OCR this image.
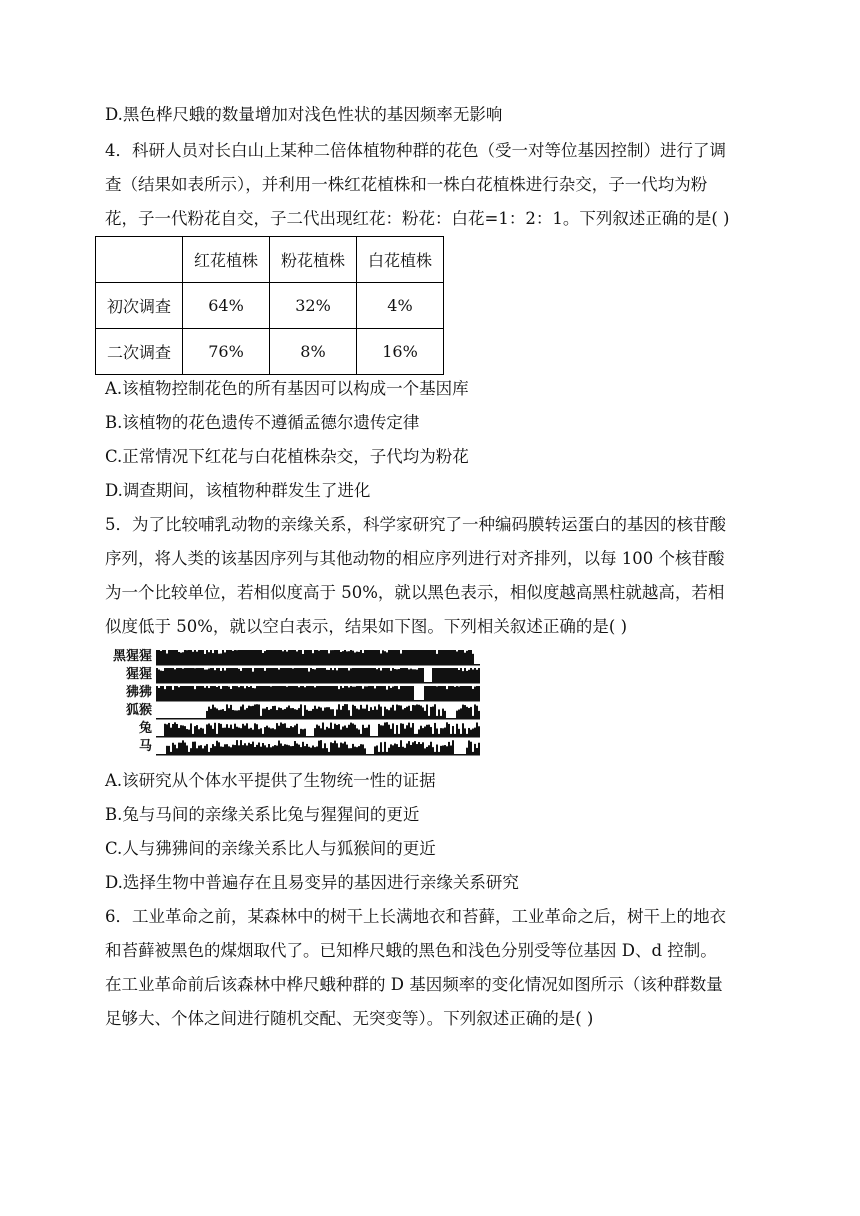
D.黑色桦尺蛾的数量增加对浅色性状的基因频率无影响
4．科研人员对长白山上某种二倍体植物种群的花色（受一对等位基因控制）进行了调
查（结果如表所示），并利用一株红花植株和一株白花植株进行杂交，子一代均为粉
花，子一代粉花自交，子二代出现红花：粉花：白花=1：2：1。下列叙述正确的是( )
	红花植株	粉花植株	白花植株
初次调查	64%	32%	4%
二次调查	76%	8%	16%
A.该植物控制花色的所有基因可以构成一个基因库
B.该植物的花色遗传不遵循孟德尔遗传定律
C.正常情况下红花与白花植株杂交，子代均为粉花
D.调查期间，该植物种群发生了进化
5．为了比较哺乳动物的亲缘关系，科学家研究了一种编码膜转运蛋白的基因的核苷酸
序列，将人类的该基因序列与其他动物的相应序列进行对齐排列，以每 100 个核苷酸
为一个比较单位，若相似度高于 50%，就以黑色表示，相似度越高黑柱就越高，若相
似度低于 50%，就以空白表示，结果如下图。下列相关叙述正确的是( )
黑猩猩
猩猩
狒狒
狐猴
兔
马
A.该研究从个体水平提供了生物统一性的证据
B.兔与马间的亲缘关系比兔与猩猩间的更近
C.人与狒狒间的亲缘关系比人与狐猴间的更近
D.选择生物中普遍存在且易变异的基因进行亲缘关系研究
6．工业革命之前，某森林中的树干上长满地衣和苔藓，工业革命之后，树干上的地衣
和苔藓被黑色的煤烟取代了。已知桦尺蛾的黑色和浅色分别受等位基因 D、d 控制。
在工业革命前后该森林中桦尺蛾种群的 D 基因频率的变化情况如图所示（该种群数量
足够大、个体之间进行随机交配、无突变等）。下列叙述正确的是( )
